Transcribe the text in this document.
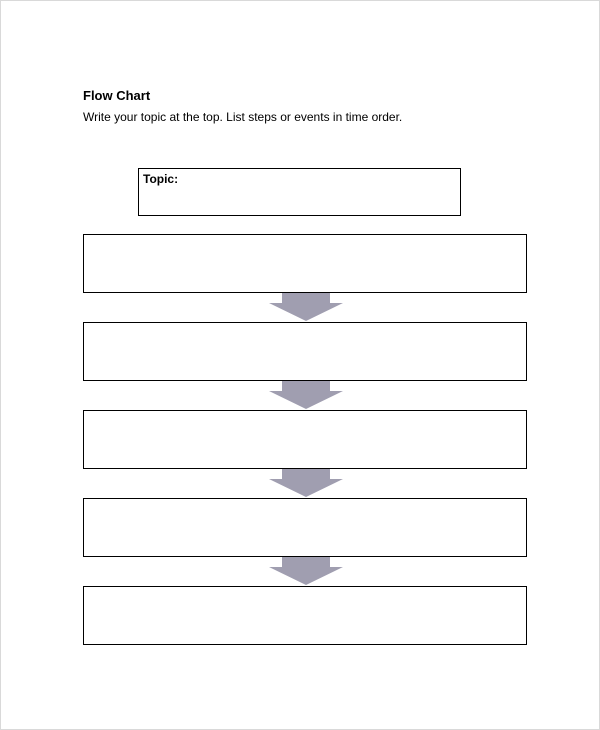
Flow Chart
Write your topic at the top. List steps or events in time order.
Topic:
